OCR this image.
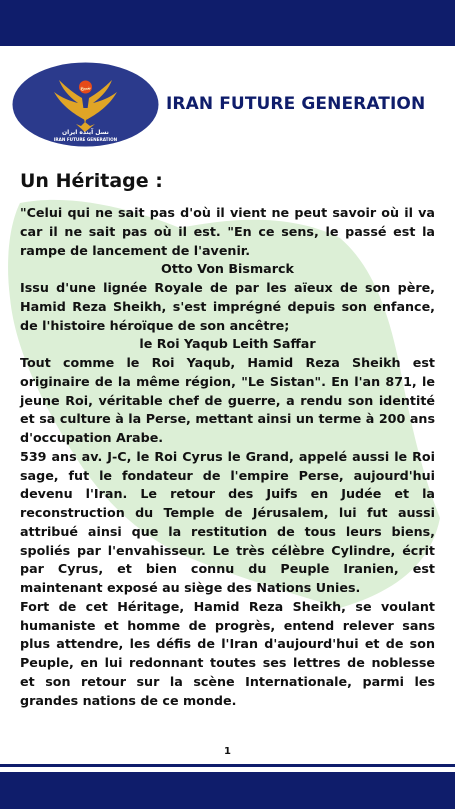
شیخ
نسل آینده ایران
IRAN FUTURE GENERATION
IRAN FUTURE GENERATION
Un Héritage :

"Celui qui ne sait pas d'où il vient ne peut savoir où il va car il ne sait pas où il est. "En ce sens, le passé est la rampe de lancement de l'avenir.

Otto Von Bismarck

Issu d'une lignée Royale de par les aïeux de son père, Hamid Reza Sheikh, s'est imprégné depuis son enfance, de l'histoire héroïque de son ancêtre;

le Roi Yaqub Leith Saffar

Tout comme le Roi Yaqub, Hamid Reza Sheikh est originaire de la même région, "Le Sistan". En l'an 871, le jeune Roi, véritable chef de guerre, a rendu son identité et sa culture à la Perse, mettant ainsi un terme à 200 ans d'occupation Arabe.

539 ans av. J-C, le Roi Cyrus le Grand, appelé aussi le Roi sage, fut le fondateur de l'empire Perse, aujourd'hui devenu l'Iran. Le retour des Juifs en Judée et la reconstruction du Temple de Jérusalem, lui fut aussi attribué ainsi que la restitution de tous leurs biens, spoliés par l'envahisseur. Le très célèbre Cylindre, écrit par Cyrus, et bien connu du Peuple Iranien, est maintenant exposé au siège des Nations Unies.

Fort de cet Héritage, Hamid Reza Sheikh, se voulant humaniste et homme de progrès, entend relever sans plus attendre, les défis de l'Iran d'aujourd'hui et de son Peuple, en lui redonnant toutes ses lettres de noblesse et son retour sur la scène Internationale, parmi les grandes nations de ce monde.

1
